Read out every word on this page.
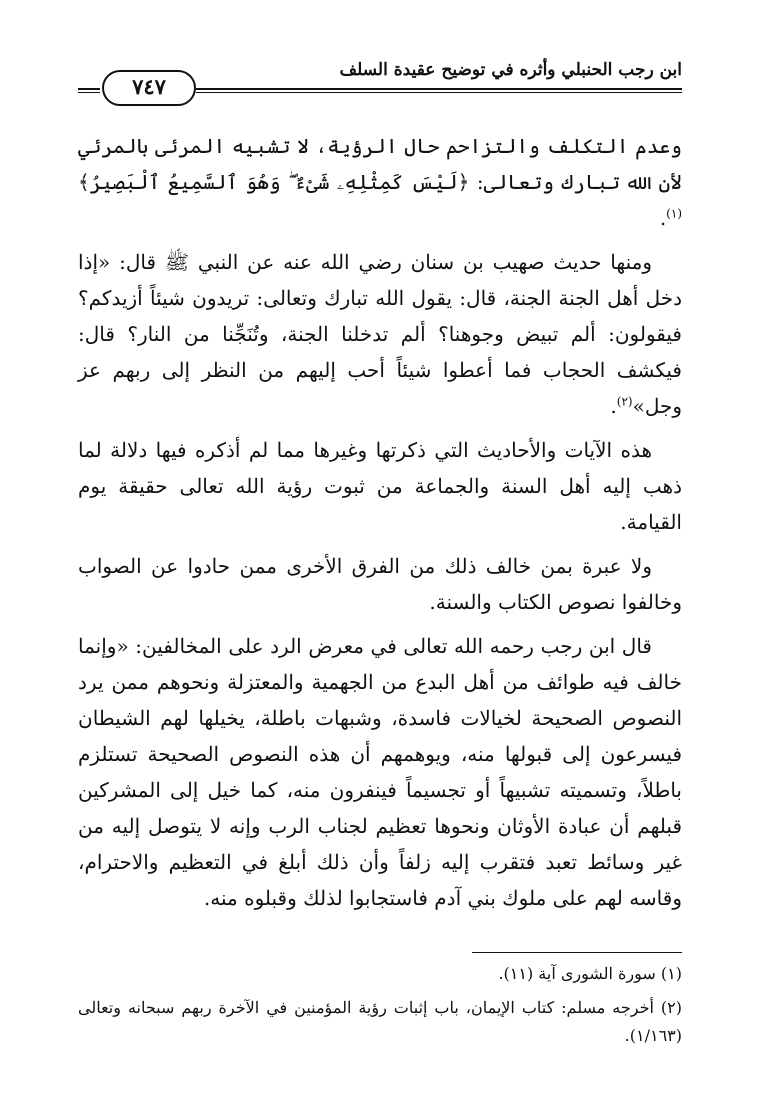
ابن رجب الحنبلي وأثره في توضيح عقيدة السلف
٧٤٧

وعدم التكلف والتزاحم حال الرؤية، لا تشبيه المرئى بالمرئي لأن الله تبارك وتعالى: ﴿لَيْسَ كَمِثْلِهِۦ شَىْءٌ ۖ وَهُوَ ٱلسَّمِيعُ ٱلْبَصِيرُ﴾$^{(١)}$.

ومنها حديث صهيب بن سنان رضي الله عنه عن النبي ﷺ قال: «إذا دخل أهل الجنة الجنة، قال: يقول الله تبارك وتعالى: تريدون شيئاً أزيدكم؟ فيقولون: ألم تبيض وجوهنا؟ ألم تدخلنا الجنة، وتُنَجِّنا من النار؟ قال: فيكشف الحجاب فما أعطوا شيئاً أحب إليهم من النظر إلى ربهم عز وجل»$^{(٢)}$.

هذه الآيات والأحاديث التي ذكرتها وغيرها مما لم أذكره فيها دلالة لما ذهب إليه أهل السنة والجماعة من ثبوت رؤية الله تعالى حقيقة يوم القيامة.

ولا عبرة بمن خالف ذلك من الفرق الأخرى ممن حادوا عن الصواب وخالفوا نصوص الكتاب والسنة.

قال ابن رجب رحمه الله تعالى في معرض الرد على المخالفين: «وإنما خالف فيه طوائف من أهل البدع من الجهمية والمعتزلة ونحوهم ممن يرد النصوص الصحيحة لخيالات فاسدة، وشبهات باطلة، يخيلها لهم الشيطان فيسرعون إلى قبولها منه، ويوهمهم أن هذه النصوص الصحيحة تستلزم باطلاً، وتسميته تشبيهاً أو تجسيماً فينفرون منه، كما خيل إلى المشركين قبلهم أن عبادة الأوثان ونحوها تعظيم لجناب الرب وإنه لا يتوصل إليه من غير وسائط تعبد فتقرب إليه زلفاً وأن ذلك أبلغ في التعظيم والاحترام، وقاسه لهم على ملوك بني آدم فاستجابوا لذلك وقبلوه منه.

(١) سورة الشورى آية (١١).

(٢) أخرجه مسلم: كتاب الإيمان، باب إثبات رؤية المؤمنين في الآخرة ربهم سبحانه وتعالى (١/١٦٣).
